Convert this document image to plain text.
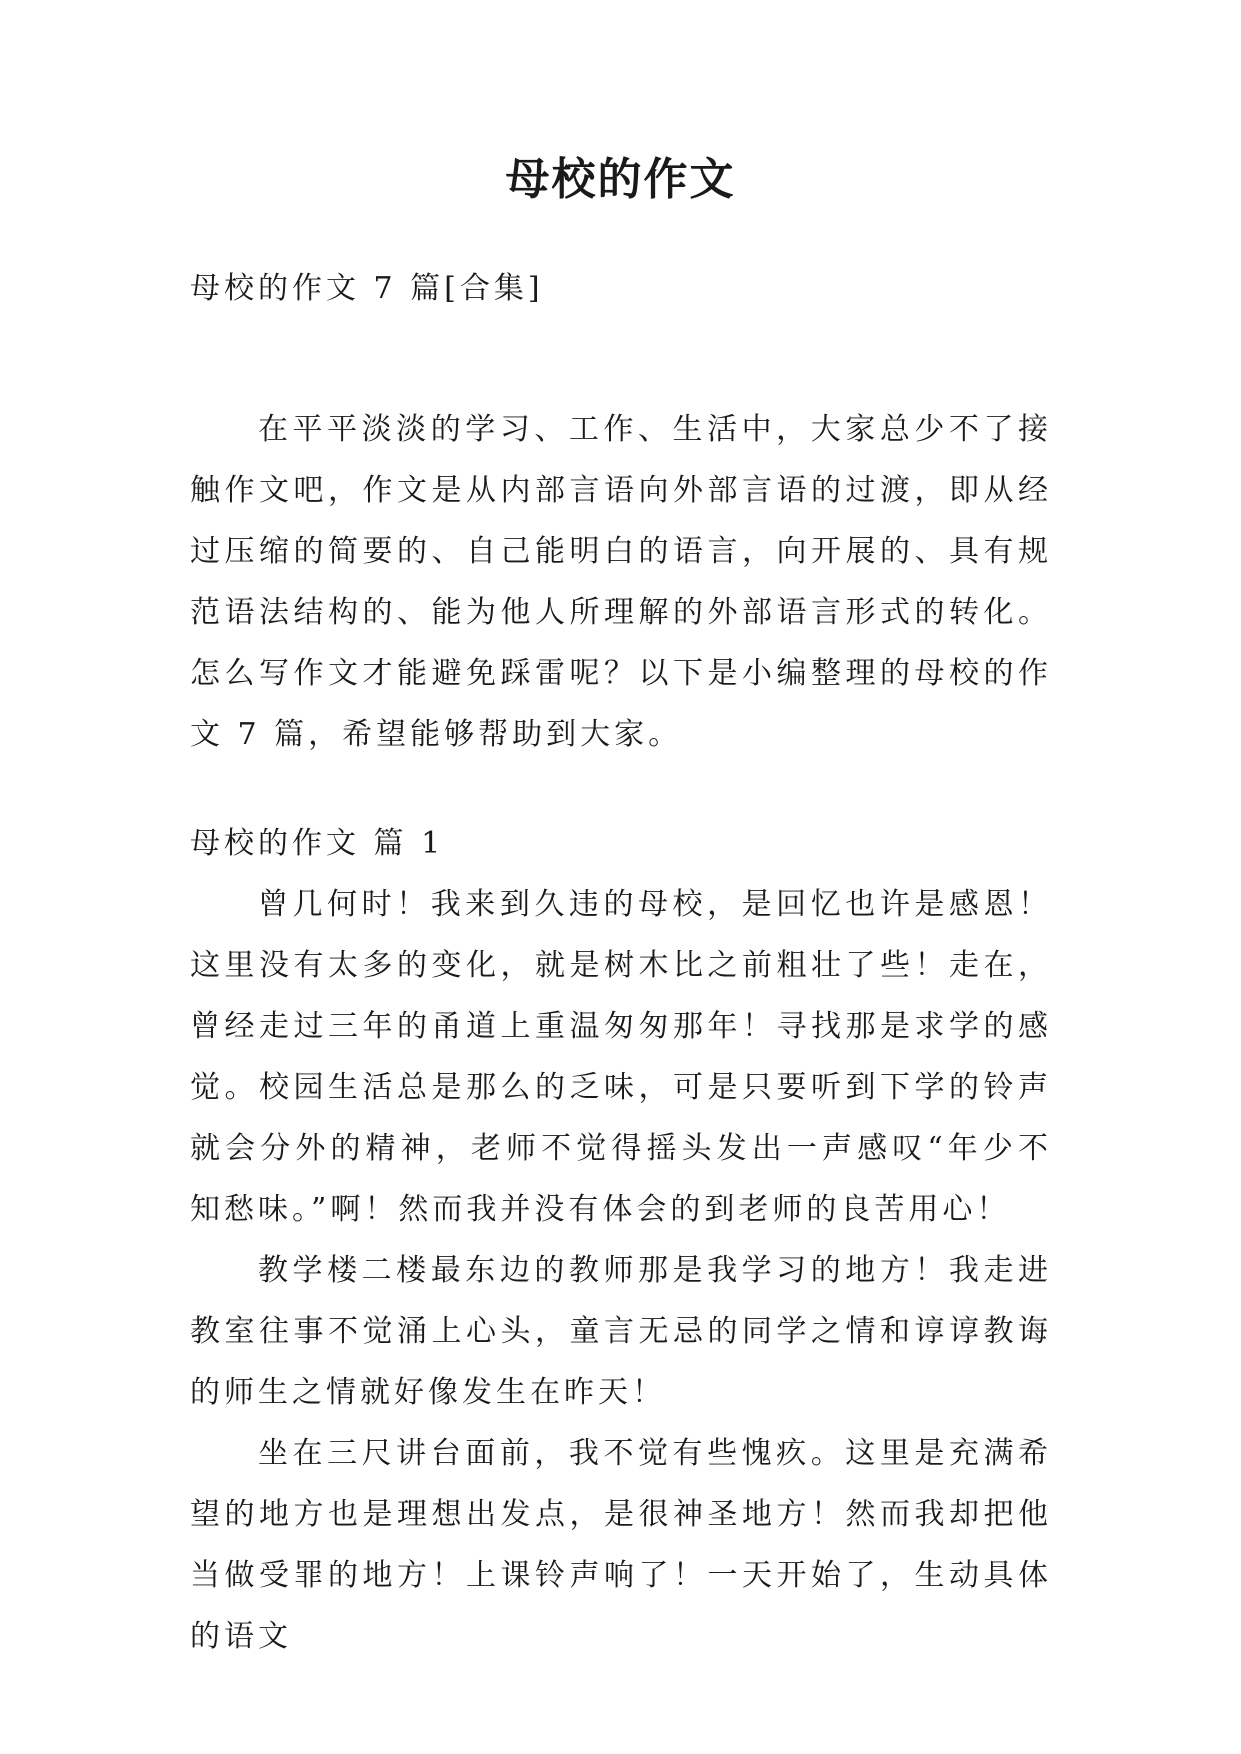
母校的作文
母校的作文 7 篇[合集]
在平平淡淡的学习、工作、生活中，大家总少不了接触作文吧，作文是从内部言语向外部言语的过渡，即从经过压缩的简要的、自己能明白的语言，向开展的、具有规范语法结构的、能为他人所理解的外部语言形式的转化。怎么写作文才能避免踩雷呢？以下是小编整理的母校的作文 7 篇，希望能够帮助到大家。
母校的作文 篇 1

曾几何时！我来到久违的母校，是回忆也许是感恩！这里没有太多的变化，就是树木比之前粗壮了些！走在，曾经走过三年的甬道上重温匆匆那年！寻找那是求学的感觉。校园生活总是那么的乏味，可是只要听到下学的铃声就会分外的精神，老师不觉得摇头发出一声感叹“年少不知愁味。”啊！然而我并没有体会的到老师的良苦用心！

教学楼二楼最东边的教师那是我学习的地方！我走进教室往事不觉涌上心头，童言无忌的同学之情和谆谆教诲的师生之情就好像发生在昨天！

坐在三尺讲台面前，我不觉有些愧疚。这里是充满希望的地方也是理想出发点，是很神圣地方！然而我却把他当做受罪的地方！上课铃声响了！一天开始了，生动具体的语文
